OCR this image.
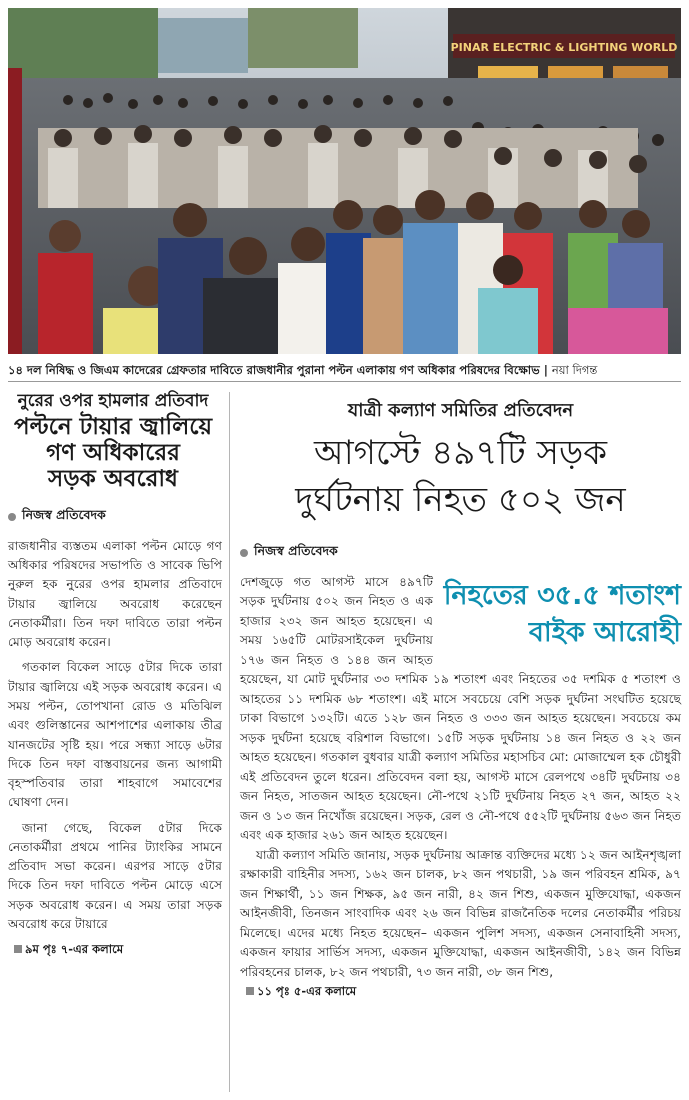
PINAR ELECTRIC & LIGHTING WORLD
১৪ দল নিষিদ্ধ ও জিএম কাদেরের গ্রেফতার দাবিতে রাজধানীর পুরানা পল্টন এলাকায় গণ অধিকার পরিষদের বিক্ষোভ | নয়া দিগন্ত
নুরের ওপর হামলার প্রতিবাদ
পল্টনে টায়ার জ্বালিয়ে
গণ অধিকারের
সড়ক অবরোধ
নিজস্ব প্রতিবেদক

রাজধানীর ব্যস্ততম এলাকা পল্টন মোড়ে গণ অধিকার পরিষদের সভাপতি ও সাবেক ভিপি নুরুল হক নুরের ওপর হামলার প্রতিবাদে টায়ার জ্বালিয়ে অবরোধ করেছেন নেতাকর্মীরা। তিন দফা দাবিতে তারা পল্টন মোড় অবরোধ করেন।

গতকাল বিকেল সাড়ে ৫টার দিকে তারা টায়ার জ্বালিয়ে এই সড়ক অবরোধ করেন। এ সময় পল্টন, তোপখানা রোড ও মতিঝিল এবং গুলিস্তানের আশপাশের এলাকায় তীব্র যানজটের সৃষ্টি হয়। পরে সন্ধ্যা সাড়ে ৬টার দিকে তিন দফা বাস্তবায়নের জন্য আগামী বৃহস্পতিবার তারা শাহবাগে সমাবেশের ঘোষণা দেন।

জানা গেছে, বিকেল ৫টার দিকে নেতাকর্মীরা প্রথমে পানির ট্যাংকির সামনে প্রতিবাদ সভা করেন। এরপর সাড়ে ৫টার দিকে তিন দফা দাবিতে পল্টন মোড়ে এসে সড়ক অবরোধ করেন। এ সময় তারা সড়ক অবরোধ করে টায়ারে

৯ম পৃঃ ৭-এর কলামে
যাত্রী কল্যাণ সমিতির প্রতিবেদন
আগস্টে ৪৯৭টি সড়ক
দুর্ঘটনায় নিহত ৫০২ জন
নিজস্ব প্রতিবেদক
নিহতের ৩৫.৫ শতাংশ বাইক আরোহী

দেশজুড়ে গত আগস্ট মাসে ৪৯৭টি সড়ক দুর্ঘটনায় ৫০২ জন নিহত ও এক হাজার ২৩২ জন আহত হয়েছেন। এ সময় ১৬৫টি মোটরসাইকেল দুর্ঘটনায় ১৭৬ জন নিহত ও ১৪৪ জন আহত হয়েছেন, যা মোট দুর্ঘটনার ৩৩ দশমিক ১৯ শতাংশ এবং নিহতের ৩৫ দশমিক ৫ শতাংশ ও আহতের ১১ দশমিক ৬৮ শতাংশ। এই মাসে সবচেয়ে বেশি সড়ক দুর্ঘটনা সংঘটিত হয়েছে ঢাকা বিভাগে ১৩২টি। এতে ১২৮ জন নিহত ও ৩৩৩ জন আহত হয়েছেন। সবচেয়ে কম সড়ক দুর্ঘটনা হয়েছে বরিশাল বিভাগে। ১৫টি সড়ক দুর্ঘটনায় ১৪ জন নিহত ও ২২ জন আহত হয়েছেন। গতকাল বুধবার যাত্রী কল্যাণ সমিতির মহাসচিব মো: মোজাম্মেল হক চৌধুরী এই প্রতিবেদন তুলে ধরেন। প্রতিবেদন বলা হয়, আগস্ট মাসে রেলপথে ৩৪টি দুর্ঘটনায় ৩৪ জন নিহত, সাতজন আহত হয়েছেন। নৌ-পথে ২১টি দুর্ঘটনায় নিহত ২৭ জন, আহত ২২ জন ও ১৩ জন নিখোঁজ রয়েছেন। সড়ক, রেল ও নৌ-পথে ৫৫২টি দুর্ঘটনায় ৫৬৩ জন নিহত এবং এক হাজার ২৬১ জন আহত হয়েছেন।

যাত্রী কল্যাণ সমিতি জানায়, সড়ক দুর্ঘটনায় আক্রান্ত ব্যক্তিদের মধ্যে ১২ জন আইনশৃঙ্খলা রক্ষাকারী বাহিনীর সদস্য, ১৬২ জন চালক, ৮২ জন পথচারী, ১৯ জন পরিবহন শ্রমিক, ৯৭ জন শিক্ষার্থী, ১১ জন শিক্ষক, ৯৫ জন নারী, ৪২ জন শিশু, একজন মুক্তিযোদ্ধা, একজন আইনজীবী, তিনজন সাংবাদিক এবং ২৬ জন বিভিন্ন রাজনৈতিক দলের নেতাকর্মীর পরিচয় মিলেছে। এদের মধ্যে নিহত হয়েছেন– একজন পুলিশ সদস্য, একজন সেনাবাহিনী সদস্য, একজন ফায়ার সার্ভিস সদস্য, একজন মুক্তিযোদ্ধা, একজন আইনজীবী, ১৪২ জন বিভিন্ন পরিবহনের চালক, ৮২ জন পথচারী, ৭৩ জন নারী, ৩৮ জন শিশু,

১১ পৃঃ ৫-এর কলামে
